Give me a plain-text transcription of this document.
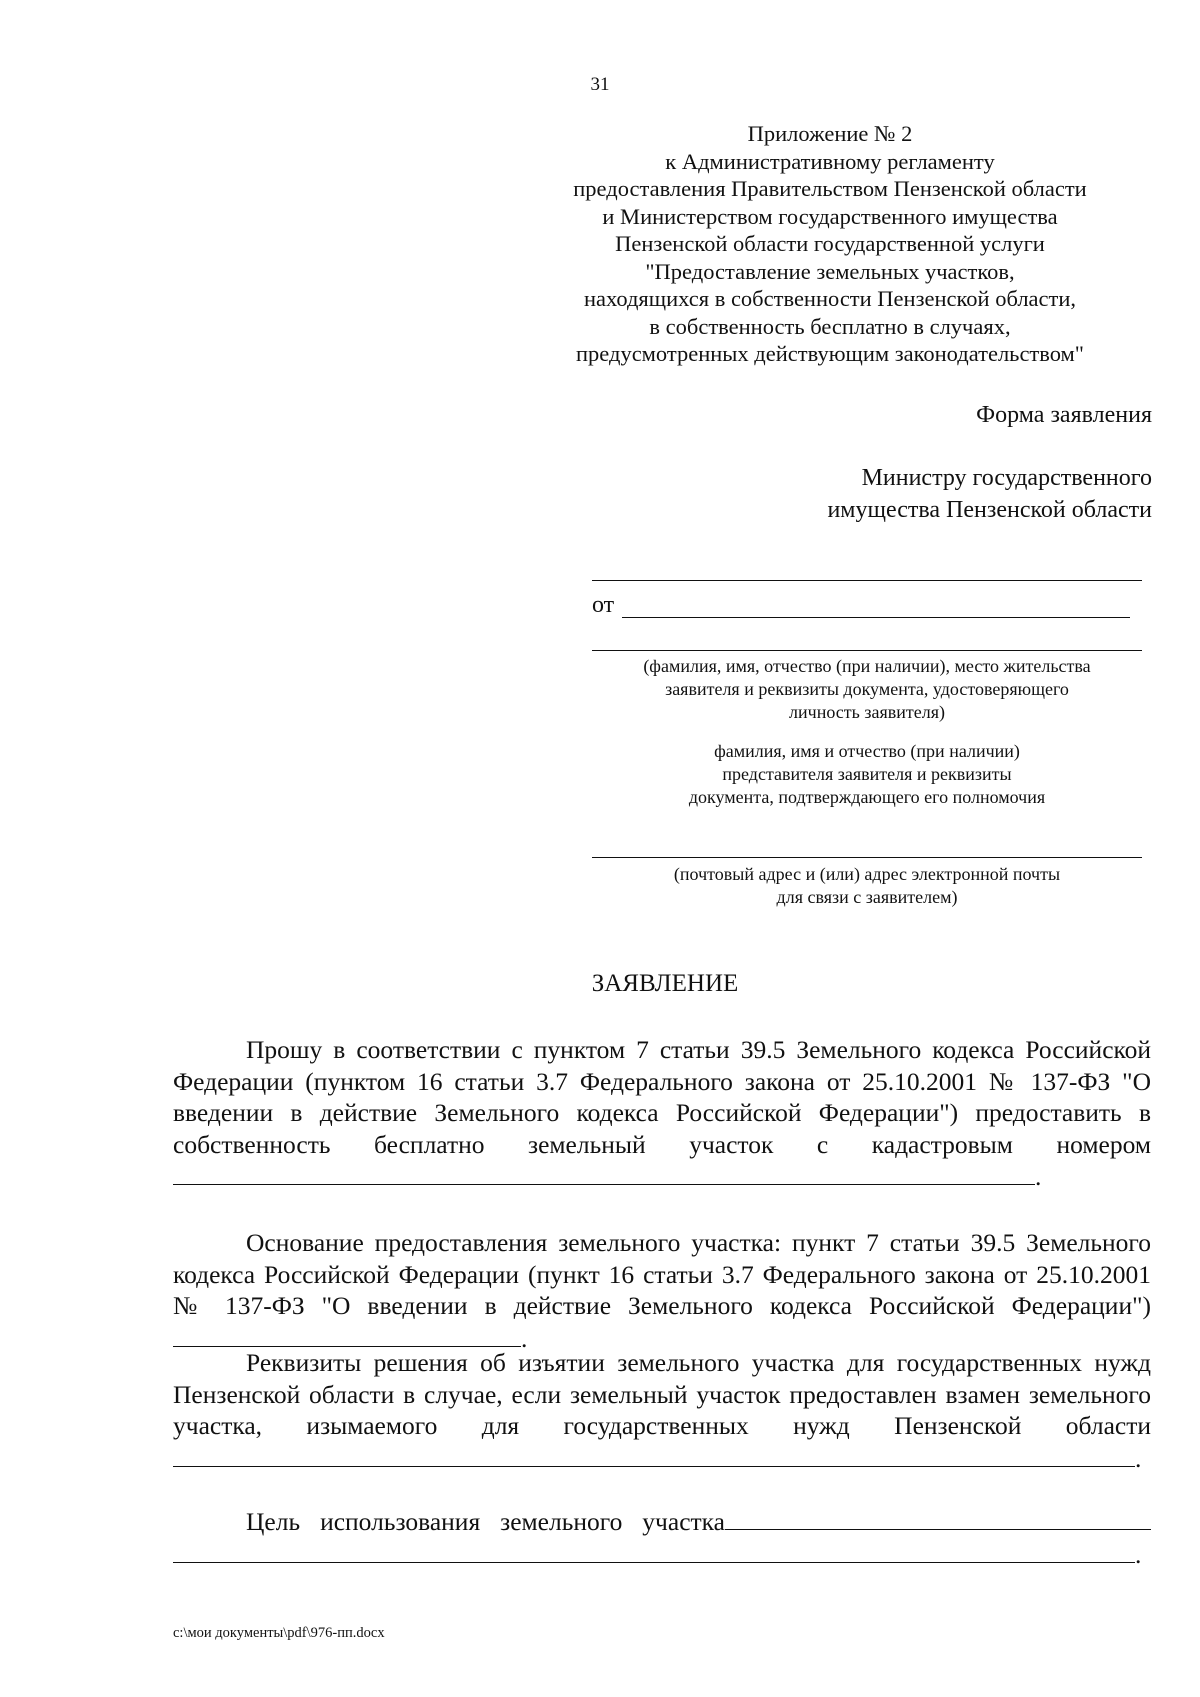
31
Приложение № 2
к Административному регламенту
предоставления Правительством Пензенской области
и Министерством государственного имущества
Пензенской области государственной услуги
"Предоставление земельных участков,
находящихся в собственности Пензенской области,
в собственность бесплатно в случаях,
предусмотренных действующим законодательством"
Форма заявления
Министру государственного
имущества Пензенской области
от
(фамилия, имя, отчество (при наличии), место жительства
заявителя и реквизиты документа, удостоверяющего
личность заявителя)
фамилия, имя и отчество (при наличии)
представителя заявителя и реквизиты
документа, подтверждающего его полномочия
(почтовый адрес и (или) адрес электронной почты
для связи с заявителем)
ЗАЯВЛЕНИЕ
Прошу в соответствии с пунктом 7 статьи 39.5 Земельного кодекса Российской Федерации (пунктом 16 статьи 3.7 Федерального закона от 25.10.2001 № 137-ФЗ "О введении в действие Земельного кодекса Российской Федерации") предоставить в собственность бесплатно земельный участок с кадастровым номером .
Основание предоставления земельного участка: пункт 7 статьи 39.5 Земельного кодекса Российской Федерации (пункт 16 статьи 3.7 Федерального закона от 25.10.2001 № 137-ФЗ "О введении в действие Земельного кодекса Российской Федерации") .
Реквизиты решения об изъятии земельного участка для государственных нужд Пензенской области в случае, если земельный участок предоставлен взамен земельного участка, изымаемого для государственных нужд Пензенской области .
Цель использования земельного участка .
c:\мои документы\pdf\976-пп.docx
